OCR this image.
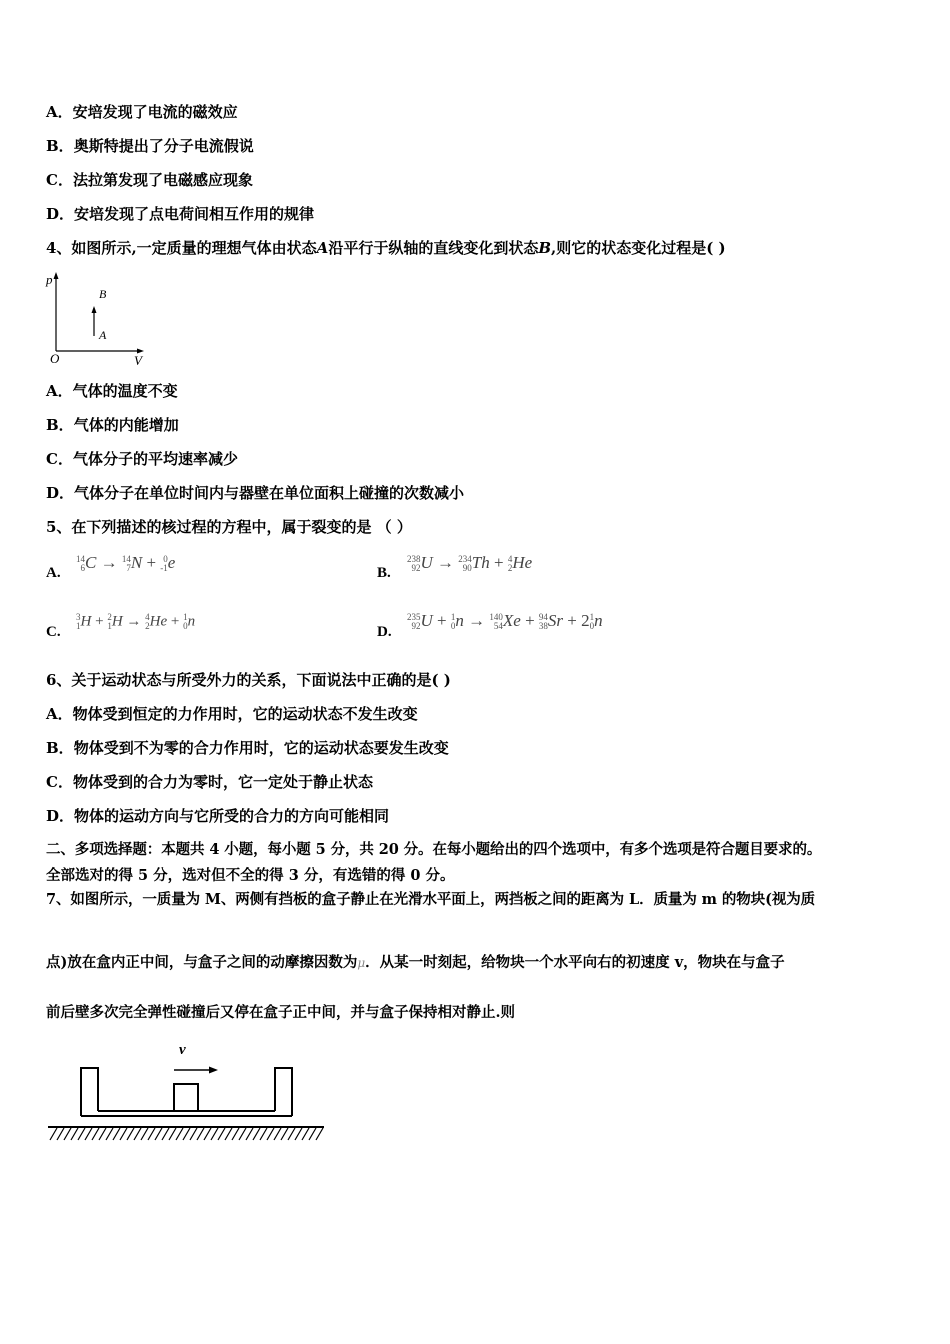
A．安培发现了电流的磁效应
B．奥斯特提出了分子电流假说
C．法拉第发现了电磁感应现象
D．安培发现了点电荷间相互作用的规律
4、如图所示,一定质量的理想气体由状态A沿平行于纵轴的直线变化到状态B,则它的状态变化过程是( )
p
V
O
B
A
A．气体的温度不变
B．气体的内能增加
C．气体分子的平均速率减少
D．气体分子在单位时间内与器壁在单位面积上碰撞的次数减小
5、在下列描述的核过程的方程中，属于裂变的是 （ ）
A.
14
6 C → 14
7 N + 0
-1 e
B.
238
92 U → 234
90 Th + 4
2 He
C.
3
1 H + 2
1 H → 4
2 He + 1
0 n
D.
235
92 U + 1
0 n → 140
54 Xe + 94
38 Sr + 2 1
0 n
6、关于运动状态与所受外力的关系，下面说法中正确的是( )
A．物体受到恒定的力作用时，它的运动状态不发生改变
B．物体受到不为零的合力作用时，它的运动状态要发生改变
C．物体受到的合力为零时，它一定处于静止状态
D．物体的运动方向与它所受的合力的方向可能相同
二、多项选择题：本题共 4 小题，每小题 5 分，共 20 分。在每小题给出的四个选项中，有多个选项是符合题目要求的。
全部选对的得 5 分，选对但不全的得 3 分，有选错的得 0 分。
7、如图所示，一质量为 M、两侧有挡板的盒子静止在光滑水平面上，两挡板之间的距离为 L．质量为 m 的物块(视为质
点)放在盒内正中间，与盒子之间的动摩擦因数为$^\mu$．从某一时刻起，给物块一个水平向右的初速度 v，物块在与盒子
前后壁多次完全弹性碰撞后又停在盒子正中间，并与盒子保持相对静止.则
v
